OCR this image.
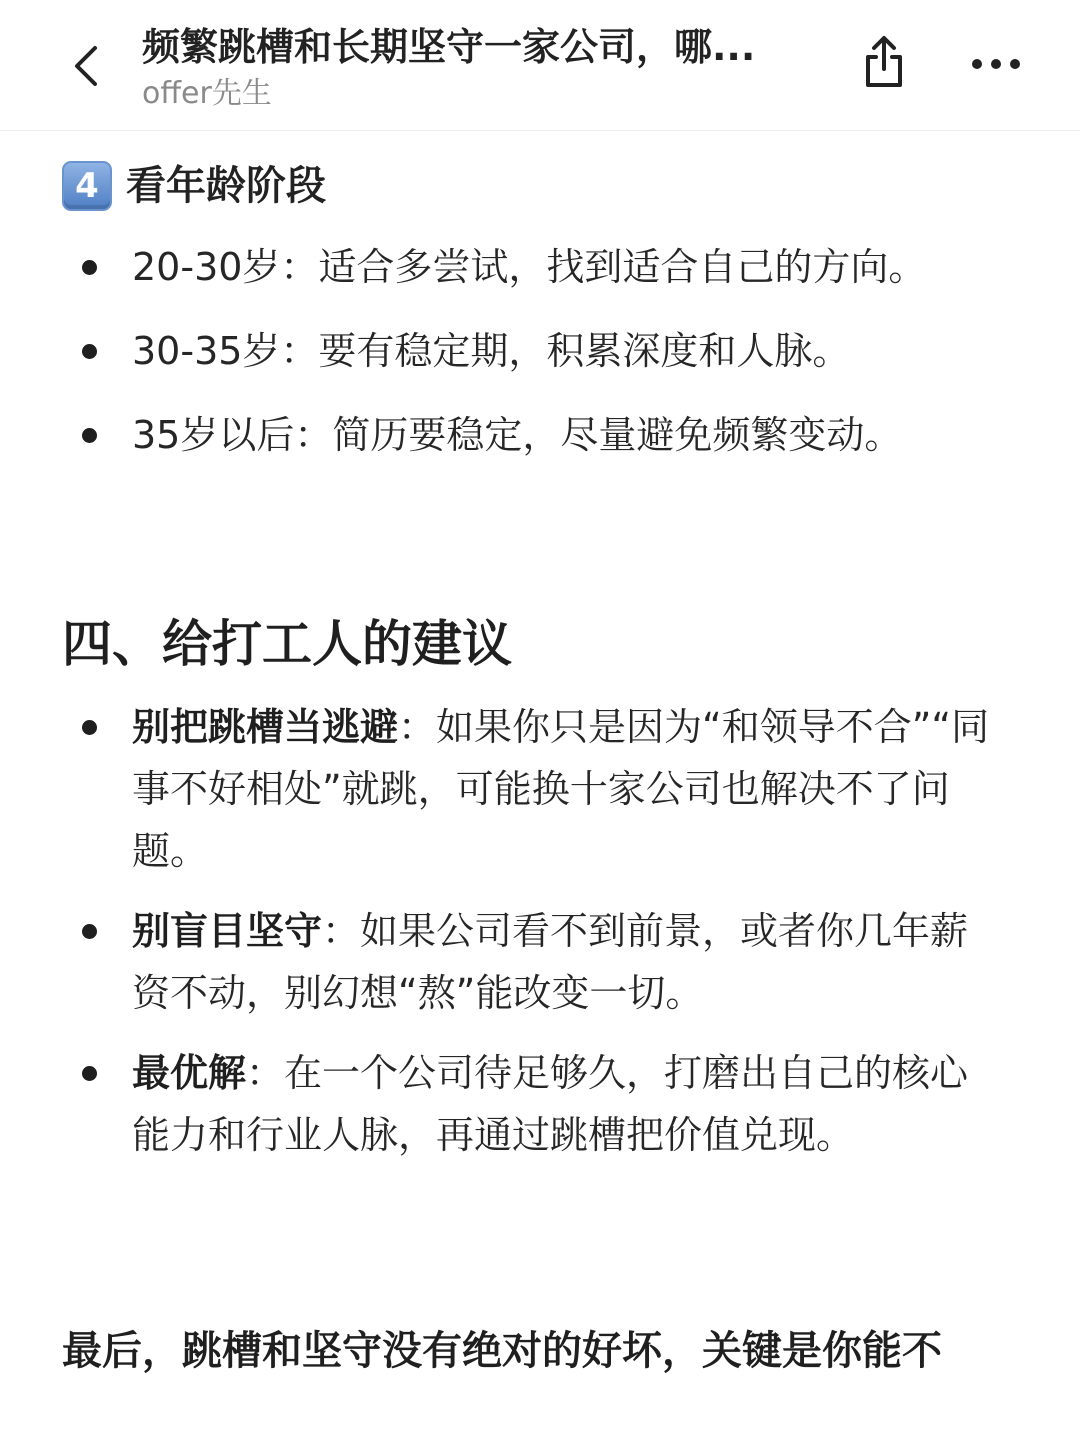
频繁跳槽和长期坚守一家公司，哪...
offer先生
4 看年龄阶段
20-30岁：适合多尝试，找到适合自己的方向。
30-35岁：要有稳定期，积累深度和人脉。
35岁以后：简历要稳定，尽量避免频繁变动。
四、给打工人的建议
别把跳槽当逃避：如果你只是因为“和领导不合”“同事不好相处”就跳，可能换十家公司也解决不了问题。
别盲目坚守：如果公司看不到前景，或者你几年薪资不动，别幻想“熬”能改变一切。
最优解：在一个公司待足够久，打磨出自己的核心能力和行业人脉，再通过跳槽把价值兑现。
最后，跳槽和坚守没有绝对的好坏，关键是你能不
